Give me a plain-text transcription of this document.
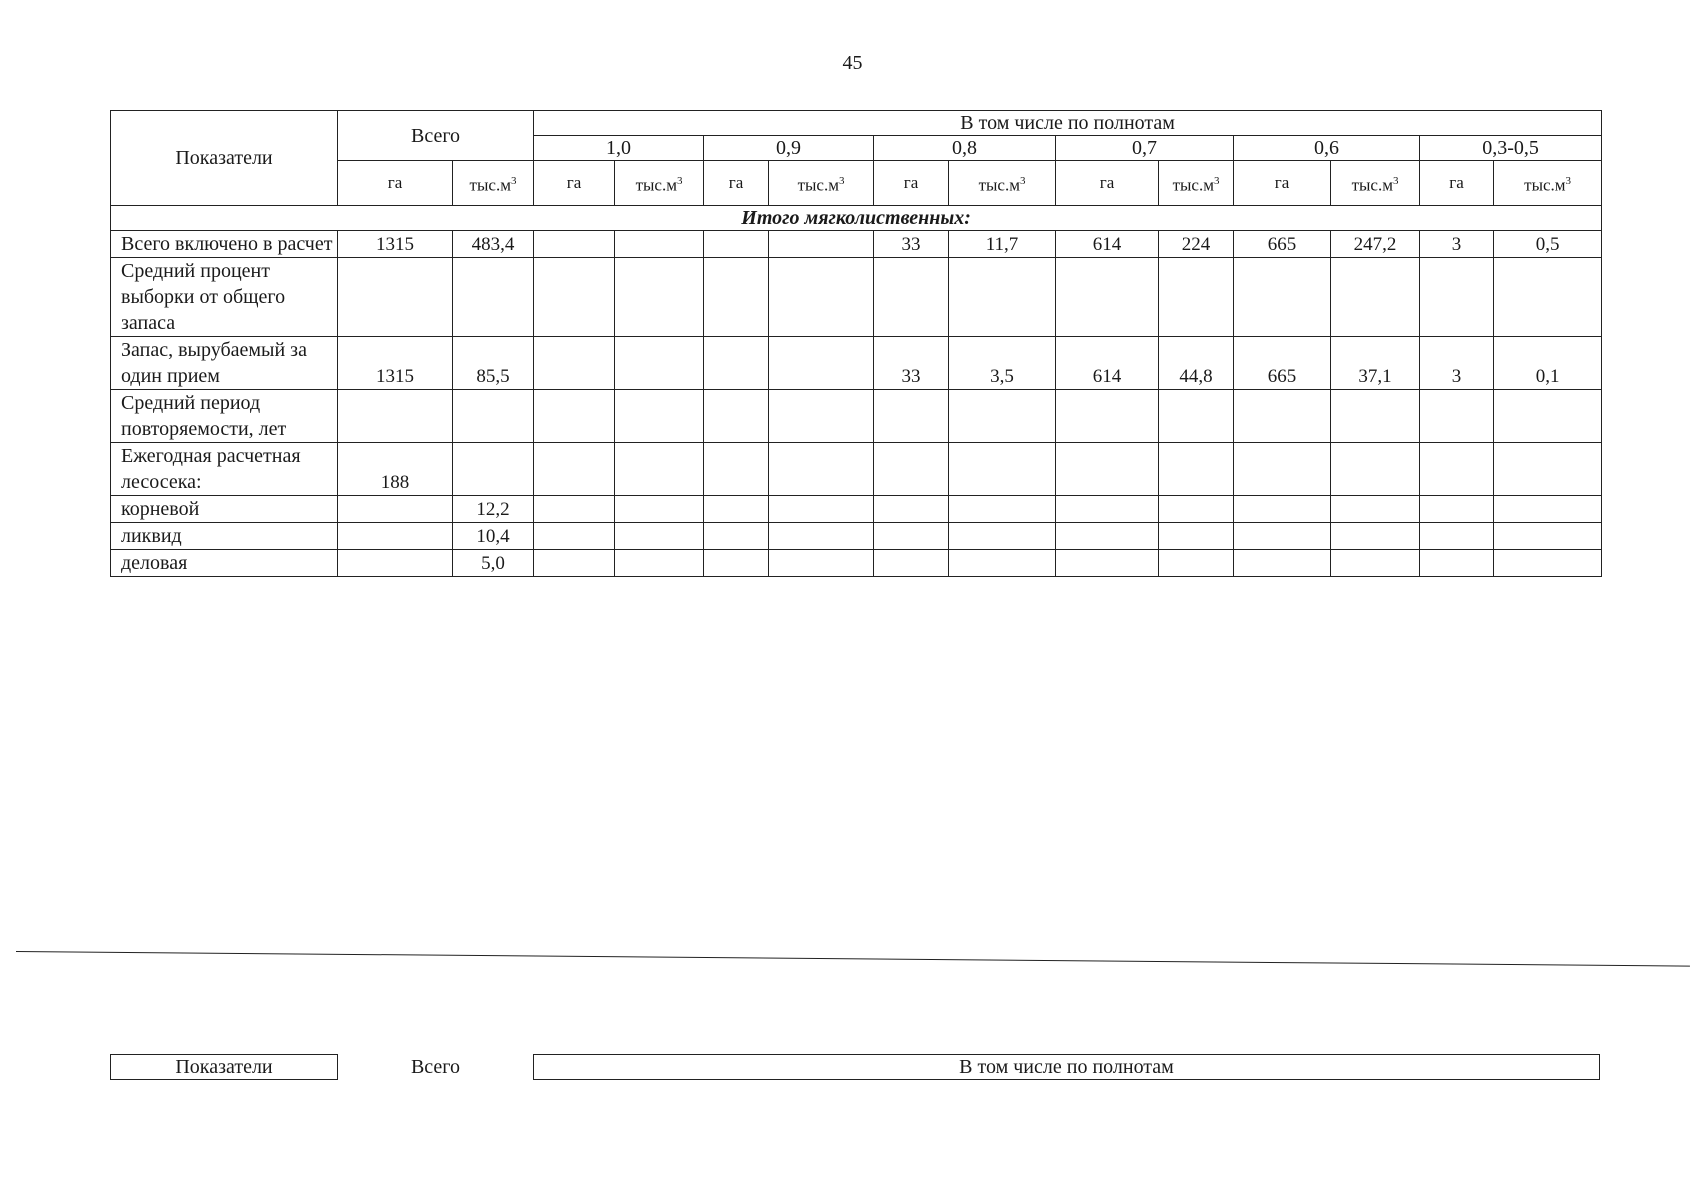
45
Показатели	Всего		В том числе по полнотам											
			1,0		0,9		0,8		0,7		0,6		0,3-0,5	
	га	$тыс.м^3$	га	$тыс.м^3$	га	$тыс.м^3$	га	$тыс.м^3$	га	$тыс.м^3$	га	$тыс.м^3$	га	$тыс.м^3$
Итого мягколиственных:														
Всего включено в расчет	1315	483,4					33	11,7	614	224	665	247,2	3	0,5
Средний процент выборки от общего запаса														
Запас, вырубаемый за один прием	1315	85,5					33	3,5	614	44,8	665	37,1	3	0,1
Средний период повторяемости, лет														
Ежегодная расчетная лесосека:	188													
корневой		12,2												
ликвид		10,4												
деловая		5,0												
Показатели	Всего	В том числе по полнотам
